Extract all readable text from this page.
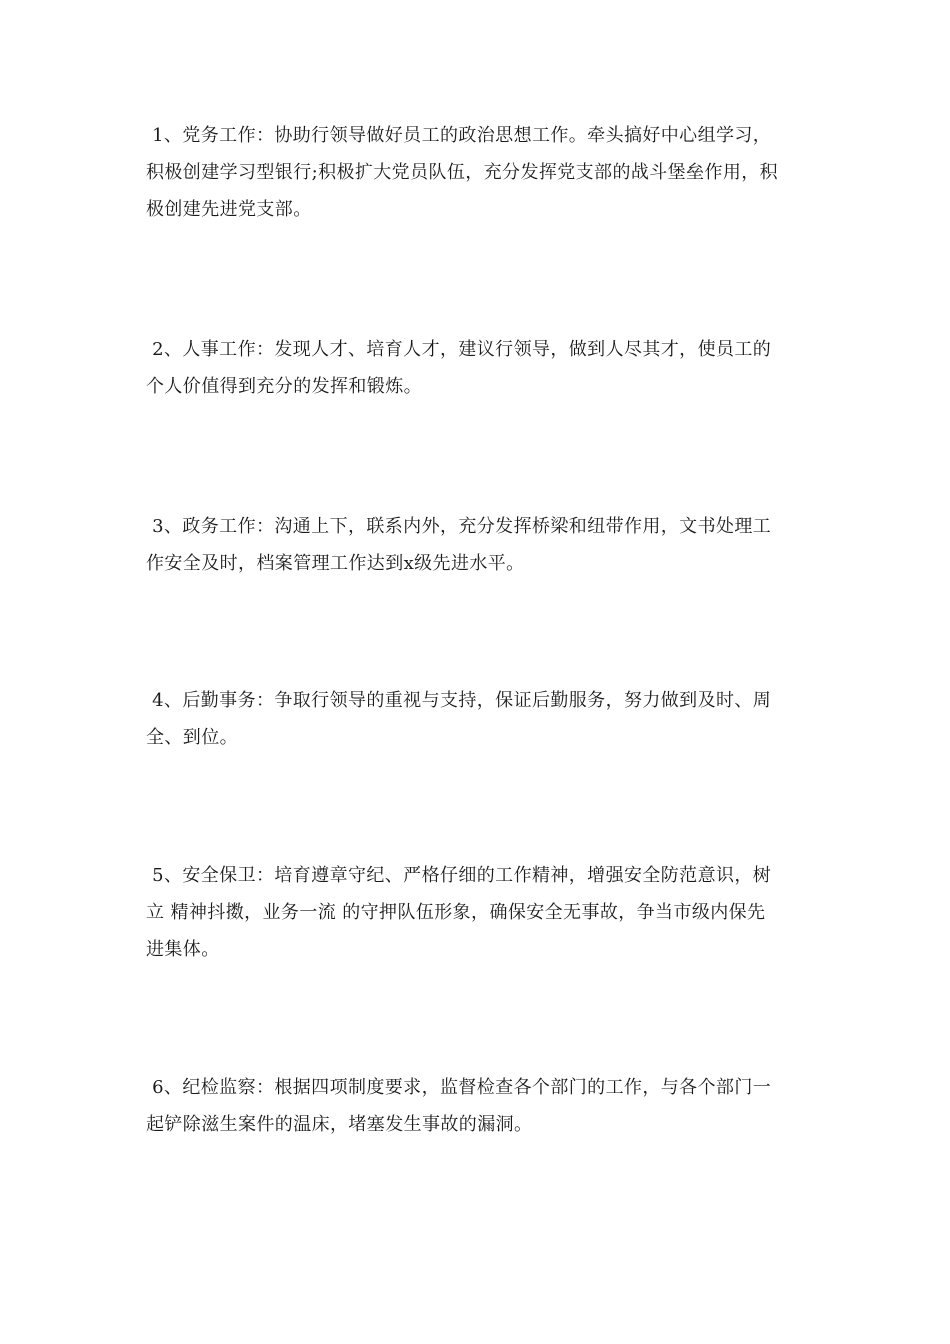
1、党务工作：协助行领导做好员工的政治思想工作。牵头搞好中心组学习，
积极创建学习型银行;积极扩大党员队伍，充分发挥党支部的战斗堡垒作用，积
极创建先进党支部。

2、人事工作：发现人才、培育人才，建议行领导，做到人尽其才，使员工的
个人价值得到充分的发挥和锻炼。

3、政务工作：沟通上下，联系内外，充分发挥桥梁和纽带作用，文书处理工
作安全及时，档案管理工作达到x级先进水平。

4、后勤事务：争取行领导的重视与支持，保证后勤服务，努力做到及时、周
全、到位。

5、安全保卫：培育遵章守纪、严格仔细的工作精神，增强安全防范意识，树
立 精神抖擞，业务一流 的守押队伍形象，确保安全无事故，争当市级内保先
进集体。

6、纪检监察：根据四项制度要求，监督检查各个部门的工作，与各个部门一
起铲除滋生案件的温床，堵塞发生事故的漏洞。
